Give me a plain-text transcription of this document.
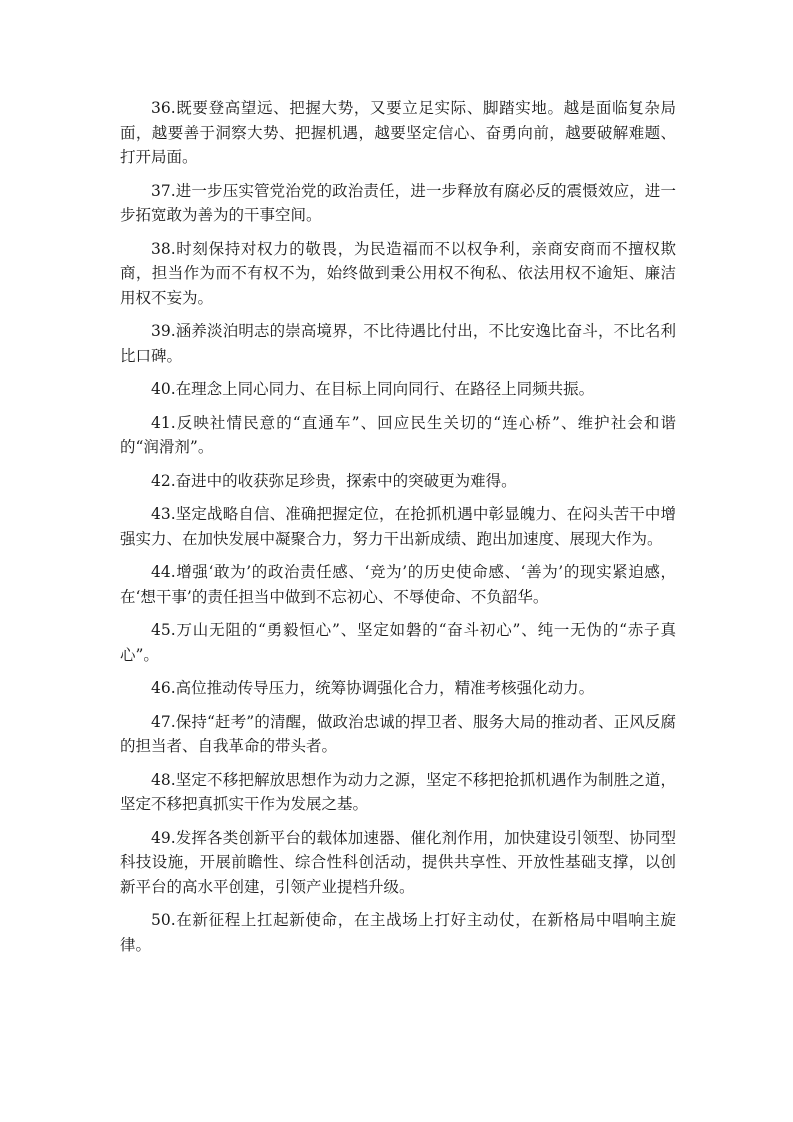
36.既要登高望远、把握大势，又要立足实际、脚踏实地。越是面临复杂局面，越要善于洞察大势、把握机遇，越要坚定信心、奋勇向前，越要破解难题、打开局面。

37.进一步压实管党治党的政治责任，进一步释放有腐必反的震慑效应，进一步拓宽敢为善为的干事空间。

38.时刻保持对权力的敬畏，为民造福而不以权争利，亲商安商而不擅权欺商，担当作为而不有权不为，始终做到秉公用权不徇私、依法用权不逾矩、廉洁用权不妄为。

39.涵养淡泊明志的崇高境界，不比待遇比付出，不比安逸比奋斗，不比名利比口碑。

40.在理念上同心同力、在目标上同向同行、在路径上同频共振。

41.反映社情民意的“直通车”、回应民生关切的“连心桥”、维护社会和谐的“润滑剂”。

42.奋进中的收获弥足珍贵，探索中的突破更为难得。

43.坚定战略自信、准确把握定位，在抢抓机遇中彰显魄力、在闷头苦干中增强实力、在加快发展中凝聚合力，努力干出新成绩、跑出加速度、展现大作为。

44.增强‘敢为’的政治责任感、‘竞为’的历史使命感、‘善为’的现实紧迫感，在‘想干事’的责任担当中做到不忘初心、不辱使命、不负韶华。

45.万山无阻的“勇毅恒心”、坚定如磐的“奋斗初心”、纯一无伪的“赤子真心”。

46.高位推动传导压力，统筹协调强化合力，精准考核强化动力。

47.保持“赶考”的清醒，做政治忠诚的捍卫者、服务大局的推动者、正风反腐的担当者、自我革命的带头者。

48.坚定不移把解放思想作为动力之源，坚定不移把抢抓机遇作为制胜之道，坚定不移把真抓实干作为发展之基。

49.发挥各类创新平台的载体加速器、催化剂作用，加快建设引领型、协同型科技设施，开展前瞻性、综合性科创活动，提供共享性、开放性基础支撑，以创新平台的高水平创建，引领产业提档升级。

50.在新征程上扛起新使命，在主战场上打好主动仗，在新格局中唱响主旋律。
